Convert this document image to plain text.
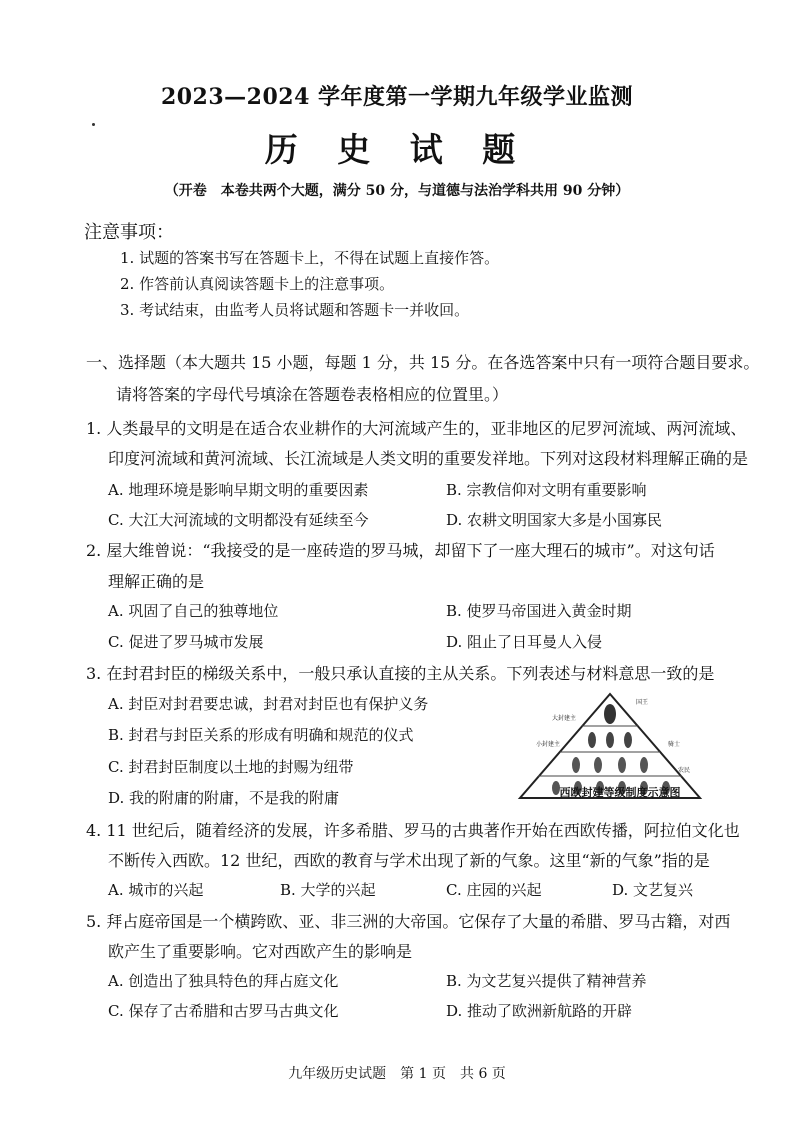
2023—2024 学年度第一学期九年级学业监测
历 史 试 题
（开卷　本卷共两个大题，满分 50 分，与道德与法治学科共用 90 分钟）
注意事项：
1. 试题的答案书写在答题卡上，不得在试题上直接作答。
2. 作答前认真阅读答题卡上的注意事项。
3. 考试结束，由监考人员将试题和答题卡一并收回。
一、选择题（本大题共 15 小题，每题 1 分，共 15 分。在各选答案中只有一项符合题目要求。
请将答案的字母代号填涂在答题卷表格相应的位置里。）
1. 人类最早的文明是在适合农业耕作的大河流域产生的，亚非地区的尼罗河流域、两河流域、
印度河流域和黄河流域、长江流域是人类文明的重要发祥地。下列对这段材料理解正确的是
A. 地理环境是影响早期文明的重要因素	B. 宗教信仰对文明有重要影响
C. 大江大河流域的文明都没有延续至今	D. 农耕文明国家大多是小国寡民
2. 屋大维曾说：“我接受的是一座砖造的罗马城，却留下了一座大理石的城市”。对这句话
理解正确的是
A. 巩固了自己的独尊地位	B. 使罗马帝国进入黄金时期
C. 促进了罗马城市发展	D. 阻止了日耳曼人入侵
3. 在封君封臣的梯级关系中，一般只承认直接的主从关系。下列表述与材料意思一致的是
A. 封臣对封君要忠诚，封君对封臣也有保护义务
B. 封君与封臣关系的形成有明确和规范的仪式
C. 封君封臣制度以土地的封赐为纽带
D. 我的附庸的附庸，不是我的附庸
国王
大封建主
小封建主	骑士
农民
西欧封建等级制度示意图
4. 11 世纪后，随着经济的发展，许多希腊、罗马的古典著作开始在西欧传播，阿拉伯文化也
不断传入西欧。12 世纪，西欧的教育与学术出现了新的气象。这里“新的气象”指的是
A. 城市的兴起	B. 大学的兴起	C. 庄园的兴起	D. 文艺复兴
5. 拜占庭帝国是一个横跨欧、亚、非三洲的大帝国。它保存了大量的希腊、罗马古籍，对西
欧产生了重要影响。它对西欧产生的影响是
A. 创造出了独具特色的拜占庭文化	B. 为文艺复兴提供了精神营养
C. 保存了古希腊和古罗马古典文化	D. 推动了欧洲新航路的开辟
九年级历史试题　第 1 页　共 6 页
